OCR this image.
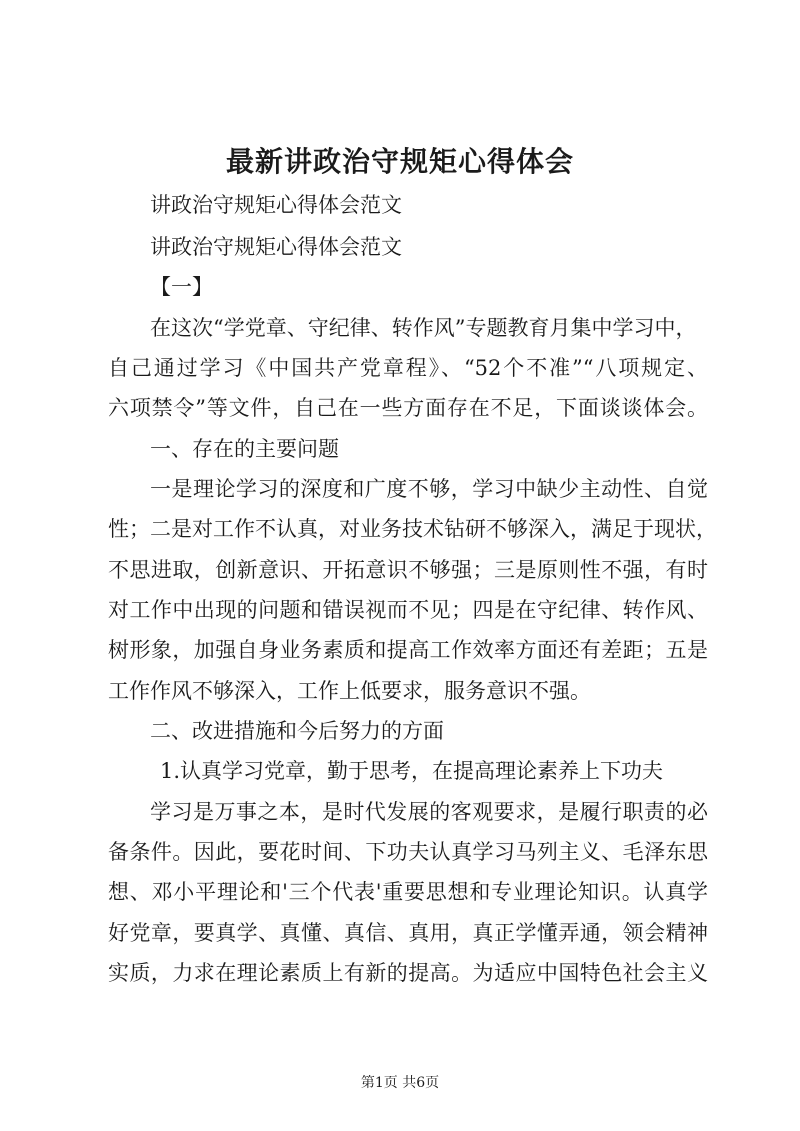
最新讲政治守规矩心得体会

讲政治守规矩心得体会范文

讲政治守规矩心得体会范文

【一】

在这次“学党章、守纪律、转作风”专题教育月集中学习中，

自己通过学习《中国共产党章程》、“52个不准”“八项规定、

六项禁令”等文件，自己在一些方面存在不足，下面谈谈体会。

一、存在的主要问题

一是理论学习的深度和广度不够，学习中缺少主动性、自觉

性；二是对工作不认真，对业务技术钻研不够深入，满足于现状，

不思进取，创新意识、开拓意识不够强；三是原则性不强，有时

对工作中出现的问题和错误视而不见；四是在守纪律、转作风、

树形象，加强自身业务素质和提高工作效率方面还有差距；五是

工作作风不够深入，工作上低要求，服务意识不强。

二、改进措施和今后努力的方面

1.认真学习党章，勤于思考，在提高理论素养上下功夫

学习是万事之本，是时代发展的客观要求，是履行职责的必

备条件。因此，要花时间、下功夫认真学习马列主义、毛泽东思

想、邓小平理论和'三个代表'重要思想和专业理论知识。认真学

好党章，要真学、真懂、真信、真用，真正学懂弄通，领会精神

实质，力求在理论素质上有新的提高。为适应中国特色社会主义

第1页 共6页
